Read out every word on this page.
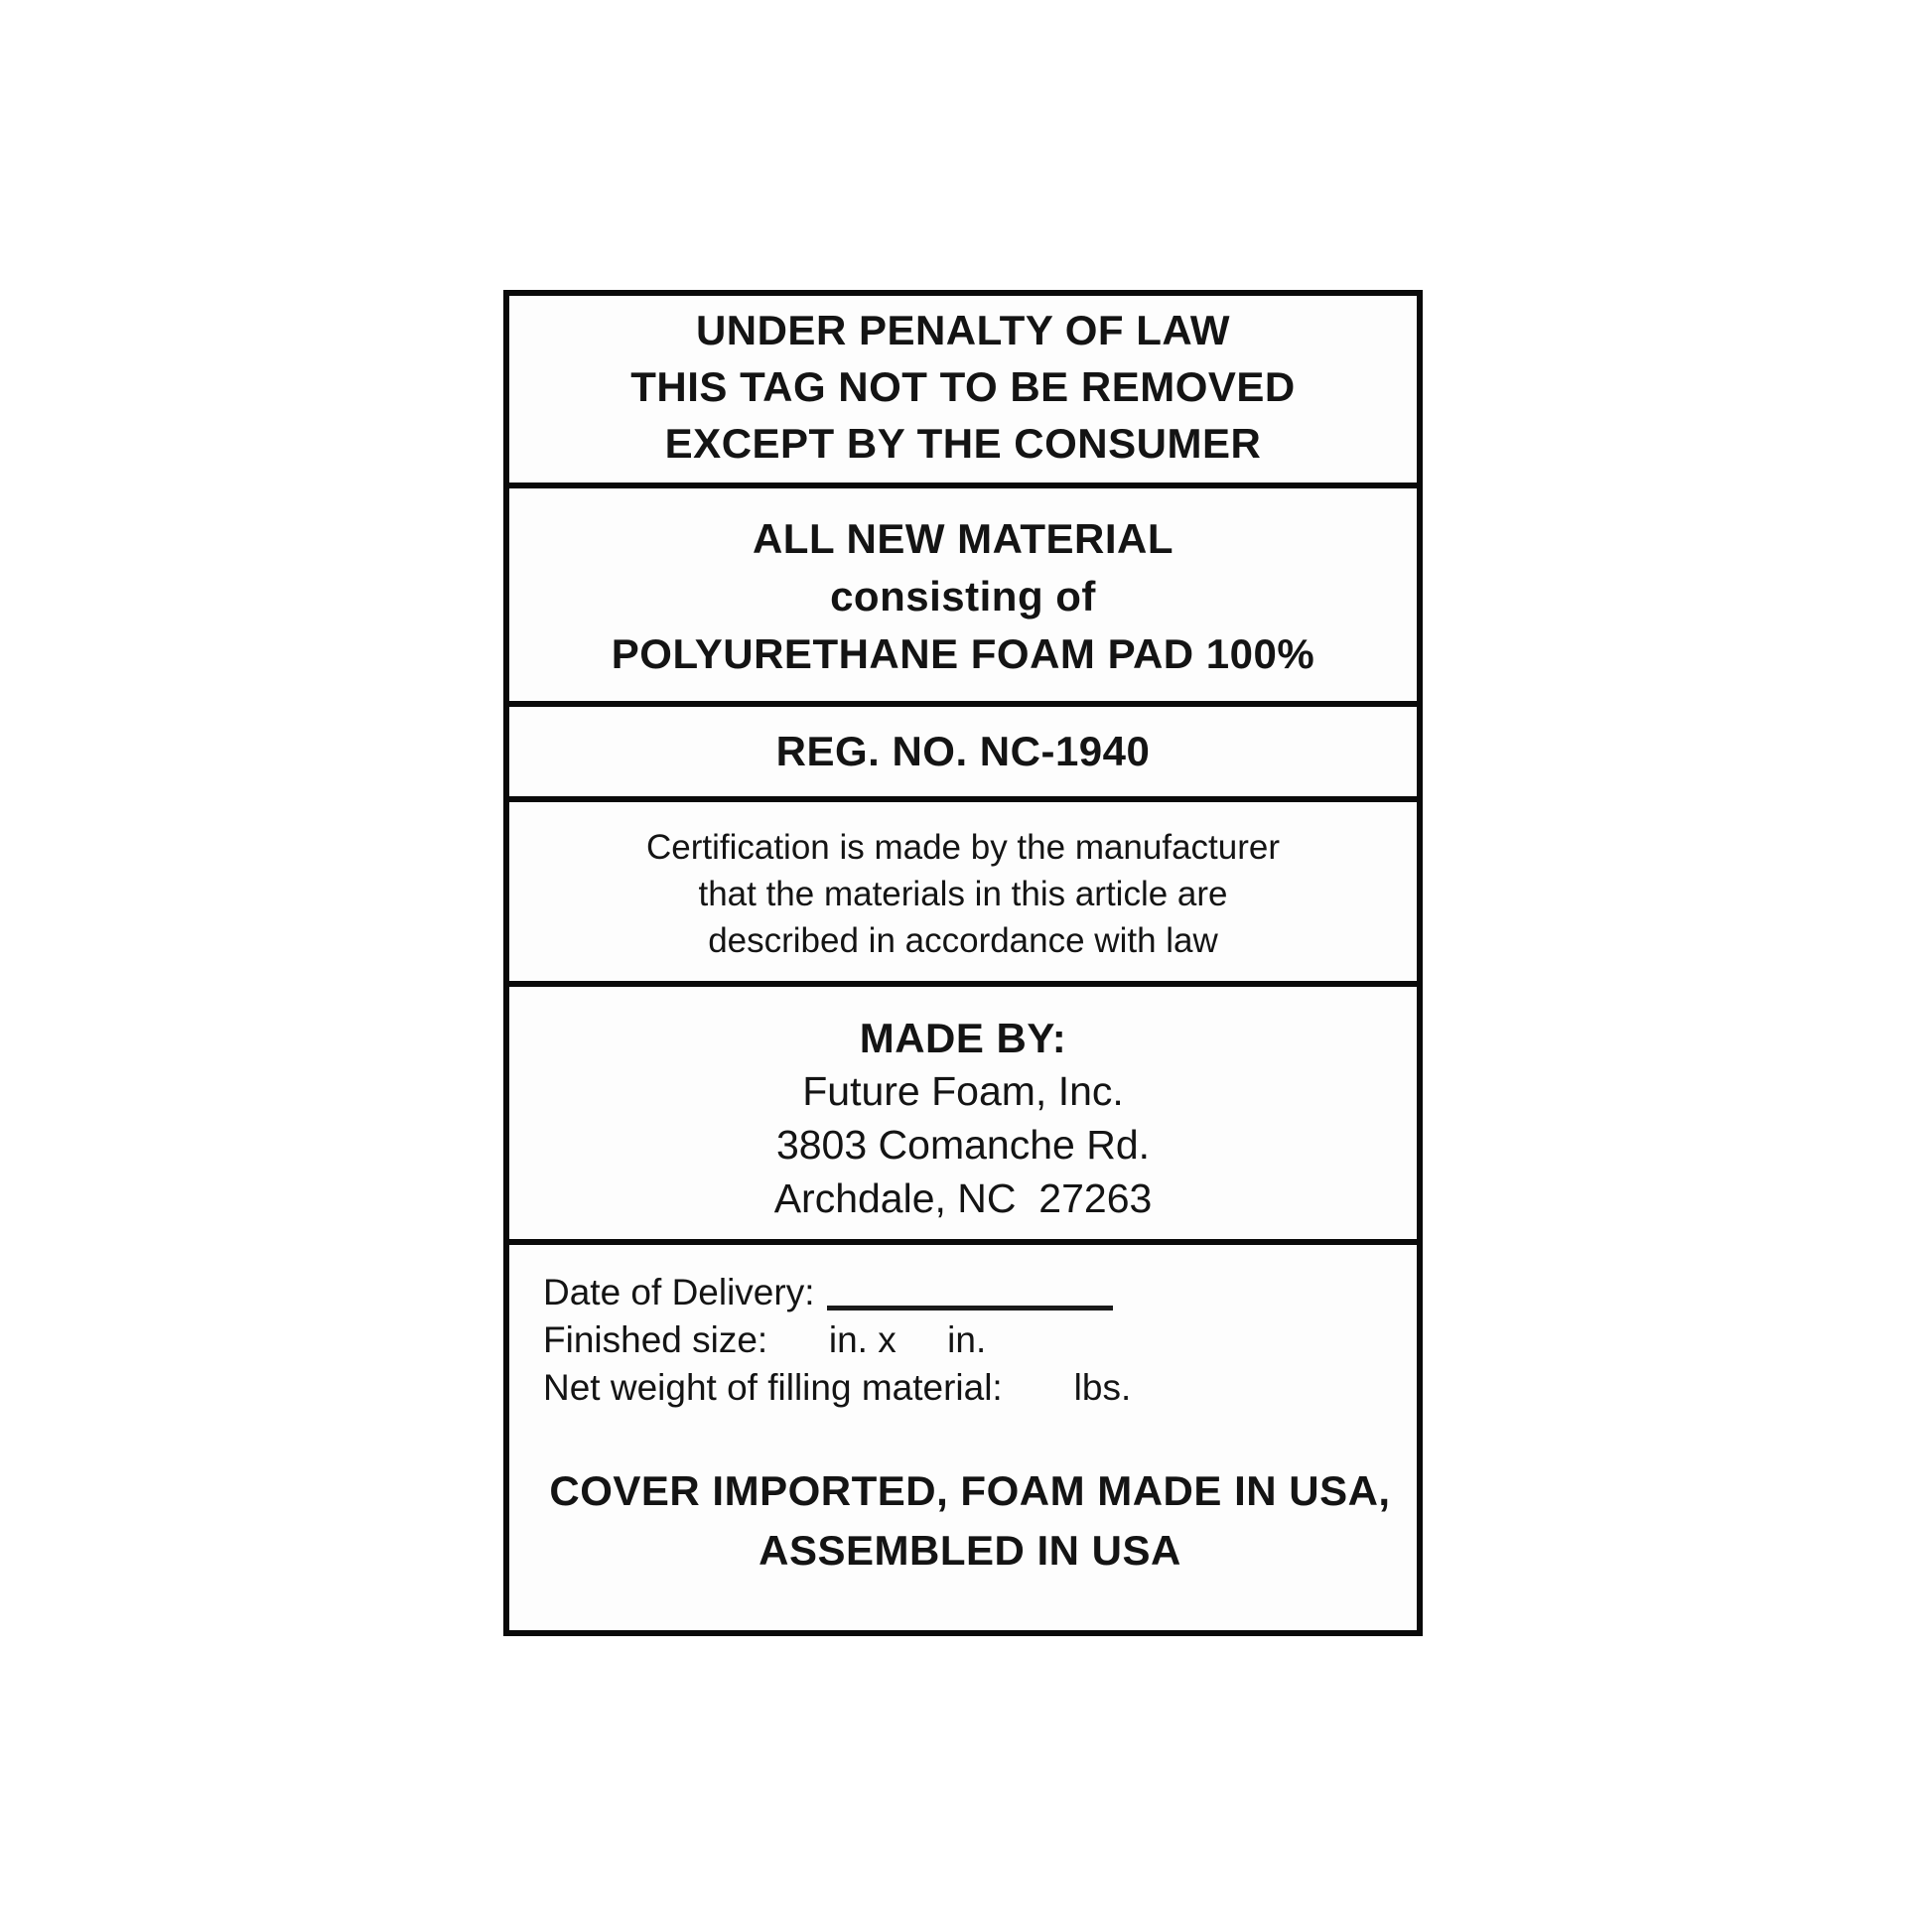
UNDER PENALTY OF LAW
THIS TAG NOT TO BE REMOVED
EXCEPT BY THE CONSUMER
ALL NEW MATERIAL
consisting of
POLYURETHANE FOAM PAD 100%
REG. NO. NC-1940
Certification is made by the manufacturer
that the materials in this article are
described in accordance with law
MADE BY:
Future Foam, Inc.
3803 Comanche Rd.
Archdale, NC  27263
Date of Delivery:
Finished size:      in. x     in.
Net weight of filling material:       lbs.
COVER IMPORTED, FOAM MADE IN USA,
ASSEMBLED IN USA
